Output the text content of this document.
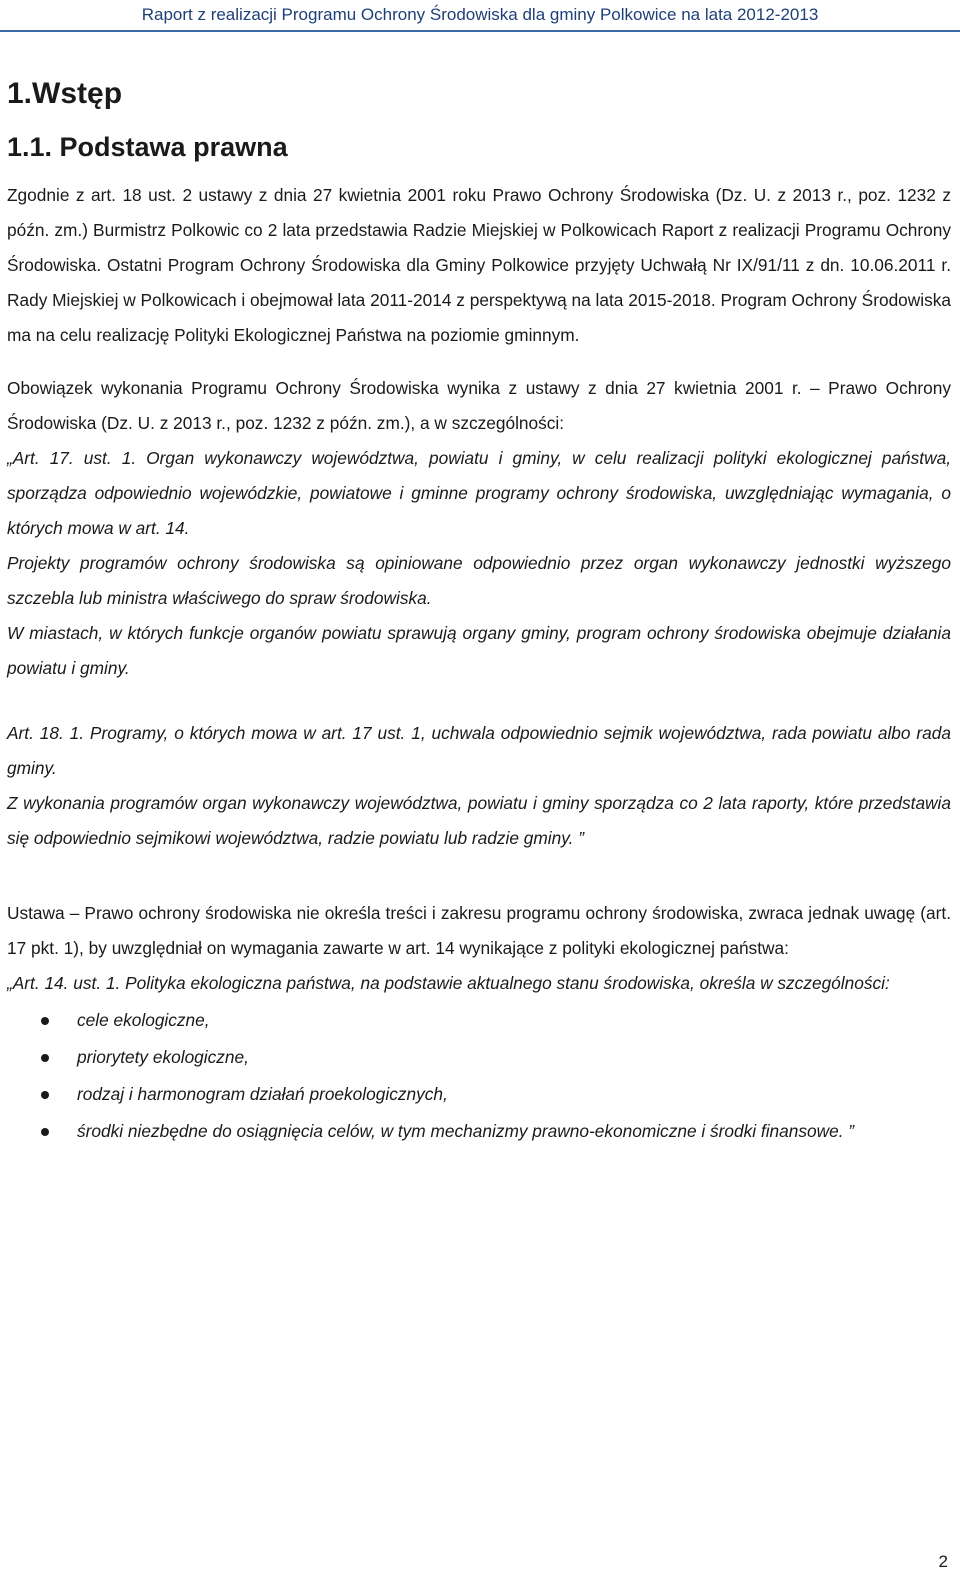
Raport z realizacji Programu Ochrony Środowiska dla gminy Polkowice na lata 2012-2013
1.Wstęp
1.1. Podstawa prawna

Zgodnie z art. 18 ust. 2 ustawy z dnia 27 kwietnia 2001 roku Prawo Ochrony Środowiska (Dz. U. z 2013 r., poz. 1232 z późn. zm.) Burmistrz Polkowic co 2 lata przedstawia Radzie Miejskiej w Polkowicach Raport z realizacji Programu Ochrony Środowiska. Ostatni Program Ochrony Środowiska dla Gminy Polkowice przyjęty Uchwałą Nr IX/91/11 z dn. 10.06.2011 r. Rady Miejskiej w Polkowicach i obejmował lata 2011-2014 z perspektywą na lata 2015-2018. Program Ochrony Środowiska ma na celu realizację Polityki Ekologicznej Państwa na poziomie gminnym.

Obowiązek wykonania Programu Ochrony Środowiska wynika z ustawy z dnia 27 kwietnia 2001 r. – Prawo Ochrony Środowiska (Dz. U. z 2013 r., poz. 1232 z późn. zm.), a w szczególności:

„Art. 17. ust. 1. Organ wykonawczy województwa, powiatu i gminy, w celu realizacji polityki ekologicznej państwa, sporządza odpowiednio wojewódzkie, powiatowe i gminne programy ochrony środowiska, uwzględniając wymagania, o których mowa w art. 14.

Projekty programów ochrony środowiska są opiniowane odpowiednio przez organ wykonawczy jednostki wyższego szczebla lub ministra właściwego do spraw środowiska.

W miastach, w których funkcje organów powiatu sprawują organy gminy, program ochrony środowiska obejmuje działania powiatu i gminy.

Art. 18. 1. Programy, o których mowa w art. 17 ust. 1, uchwala odpowiednio sejmik województwa, rada powiatu albo rada gminy.

Z wykonania programów organ wykonawczy województwa, powiatu i gminy sporządza co 2 lata raporty, które przedstawia się odpowiednio sejmikowi województwa, radzie powiatu lub radzie gminy. ”

Ustawa – Prawo ochrony środowiska nie określa treści i zakresu programu ochrony środowiska, zwraca jednak uwagę (art. 17 pkt. 1), by uwzględniał on wymagania zawarte w art. 14 wynikające z polityki ekologicznej państwa:

„Art. 14. ust. 1. Polityka ekologiczna państwa, na podstawie aktualnego stanu środowiska, określa w szczególności:

cele ekologiczne,
priorytety ekologiczne,
rodzaj i harmonogram działań proekologicznych,
środki niezbędne do osiągnięcia celów, w tym mechanizmy prawno-ekonomiczne i środki finansowe. ”
2
